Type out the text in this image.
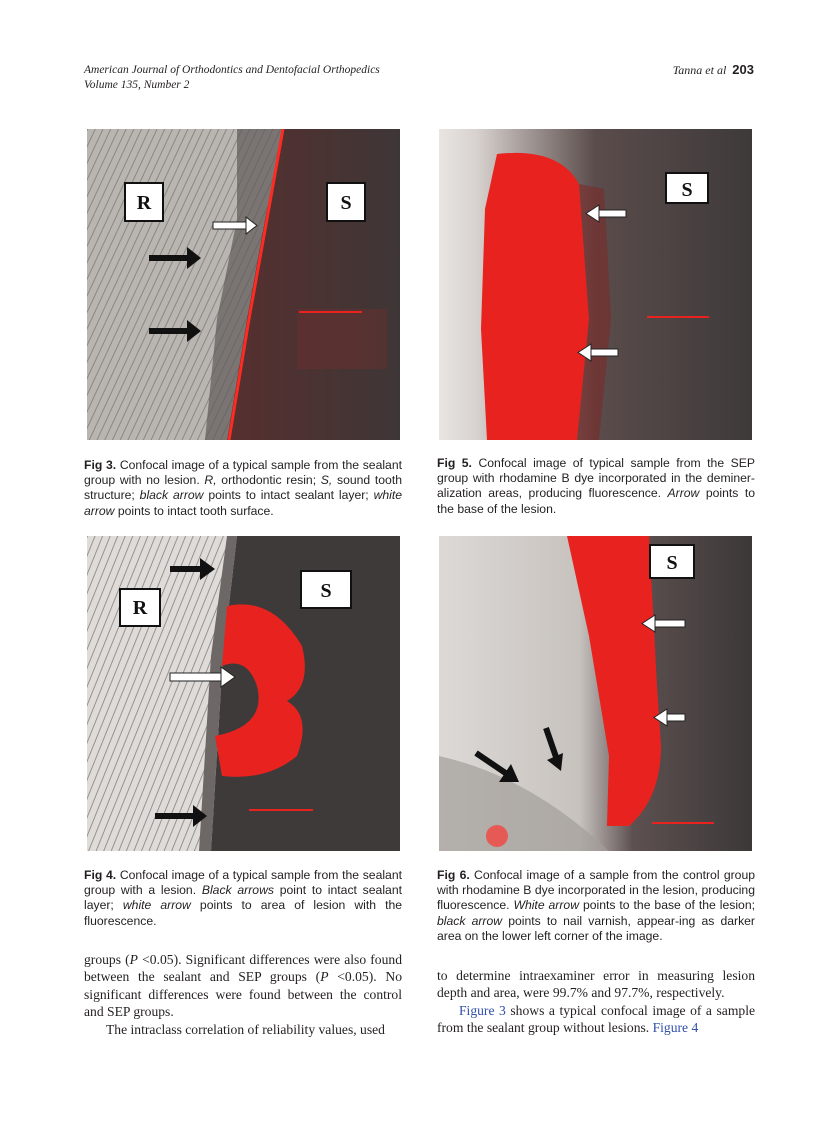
American Journal of Orthodontics and Dentofacial Orthopedics
Volume 135, Number 2
Tanna et al 203
R	S
Fig 3. Confocal image of a typical sample from the sealant group with no lesion. R, orthodontic resin; S, sound tooth structure; black arrow points to intact sealant layer; white arrow points to intact tooth surface.
S
Fig 5. Confocal image of typical sample from the SEP group with rhodamine B dye incorporated in the deminer-alization areas, producing fluorescence. Arrow points to the base of the lesion.
R
S
Fig 4. Confocal image of a typical sample from the sealant group with a lesion. Black arrows point to intact sealant layer; white arrow points to area of lesion with the fluorescence.
S
Fig 6. Confocal image of a sample from the control group with rhodamine B dye incorporated in the lesion, producing fluorescence. White arrow points to the base of the lesion; black arrow points to nail varnish, appear-ing as darker area on the lower left corner of the image.
groups (P <0.05). Significant differences were also found between the sealant and SEP groups (P <0.05). No significant differences were found between the control and SEP groups.
The intraclass correlation of reliability values, used
to determine intraexaminer error in measuring lesion depth and area, were 99.7% and 97.7%, respectively.
Figure 3 shows a typical confocal image of a sample from the sealant group without lesions. Figure 4
